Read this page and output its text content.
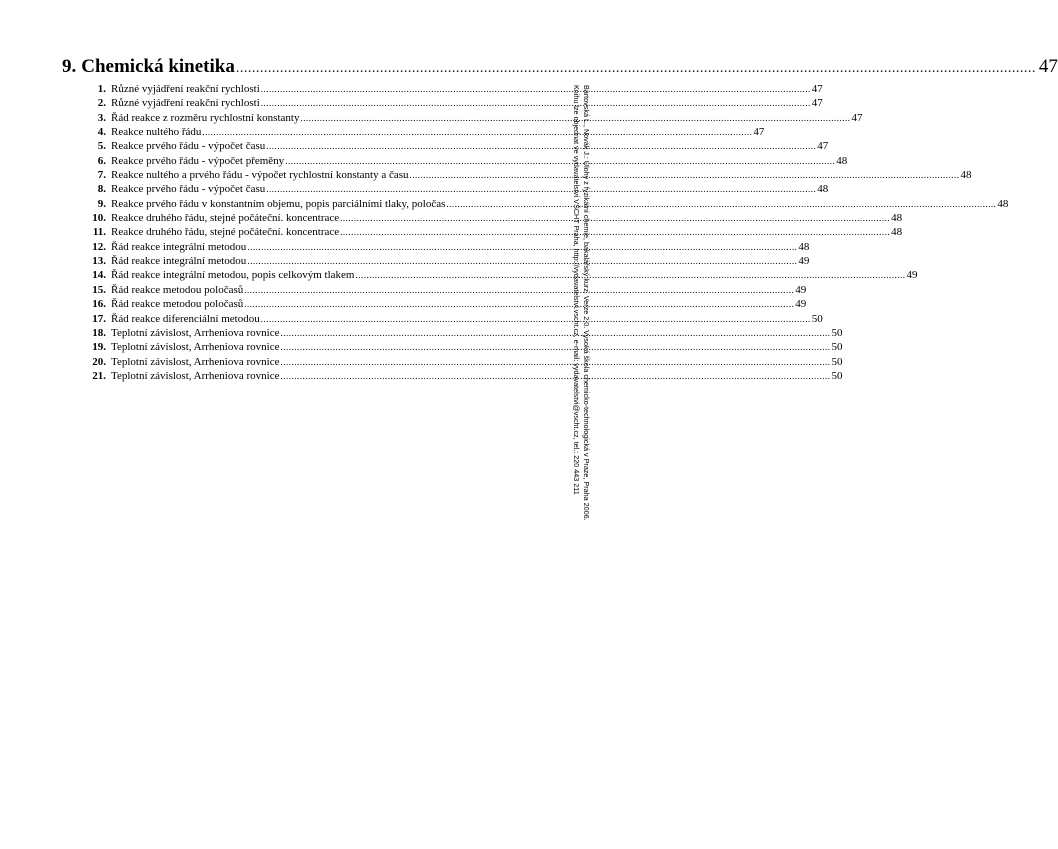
9. Chemická kinetika ........................................................................................................................................................................................................ 47
1. Různé vyjádření reakční rychlosti ........................................................................................................................................................................................................ 47
2. Různé vyjádření reakční rychlosti ........................................................................................................................................................................................................ 47
3. Řád reakce z rozměru rychlostní konstanty ........................................................................................................................................................................................................ 47
4. Reakce nultého řádu ........................................................................................................................................................................................................ 47
5. Reakce prvého řádu - výpočet času ........................................................................................................................................................................................................ 47
6. Reakce prvého řádu - výpočet přeměny ........................................................................................................................................................................................................ 48
7. Reakce nultého a prvého řádu - výpočet rychlostní konstanty a času ........................................................................................................................................................................................................ 48
8. Reakce prvého řádu - výpočet času ........................................................................................................................................................................................................ 48
9. Reakce prvého řádu v konstantním objemu, popis parciálními tlaky, poločas ........................................................................................................................................................................................................ 48
10. Reakce druhého řádu, stejné počáteční. koncentrace ........................................................................................................................................................................................................ 48
11. Reakce druhého řádu, stejné počáteční. koncentrace ........................................................................................................................................................................................................ 48
12. Řád reakce integrální metodou ........................................................................................................................................................................................................ 48
13. Řád reakce integrální metodou ........................................................................................................................................................................................................ 49
14. Řád reakce integrální metodou, popis celkovým tlakem ........................................................................................................................................................................................................ 49
15. Řád reakce metodou poločasů ........................................................................................................................................................................................................ 49
16. Řád reakce metodou poločasů ........................................................................................................................................................................................................ 49
17. Řád reakce diferenciální metodou ........................................................................................................................................................................................................ 50
18. Teplotní závislost, Arrheniova rovnice ........................................................................................................................................................................................................ 50
19. Teplotní závislost, Arrheniova rovnice ........................................................................................................................................................................................................ 50
20. Teplotní závislost, Arrheniova rovnice ........................................................................................................................................................................................................ 50
21. Teplotní závislost, Arrheniova rovnice ........................................................................................................................................................................................................ 50
Bartovská L., Novák J.: Úlohy z fyzikální chemie, bakalářský kurz. Verze 2.0. Vysoká škola chemicko-technologická v Praze, Praha 2006.
Knihu lze objednat ve vydavatelství VŠCHT Praha, http://vydavatelstvi.vscht.cz, e-mail: vydavatelstvi@vscht.cz, tel.: 220 443 211
